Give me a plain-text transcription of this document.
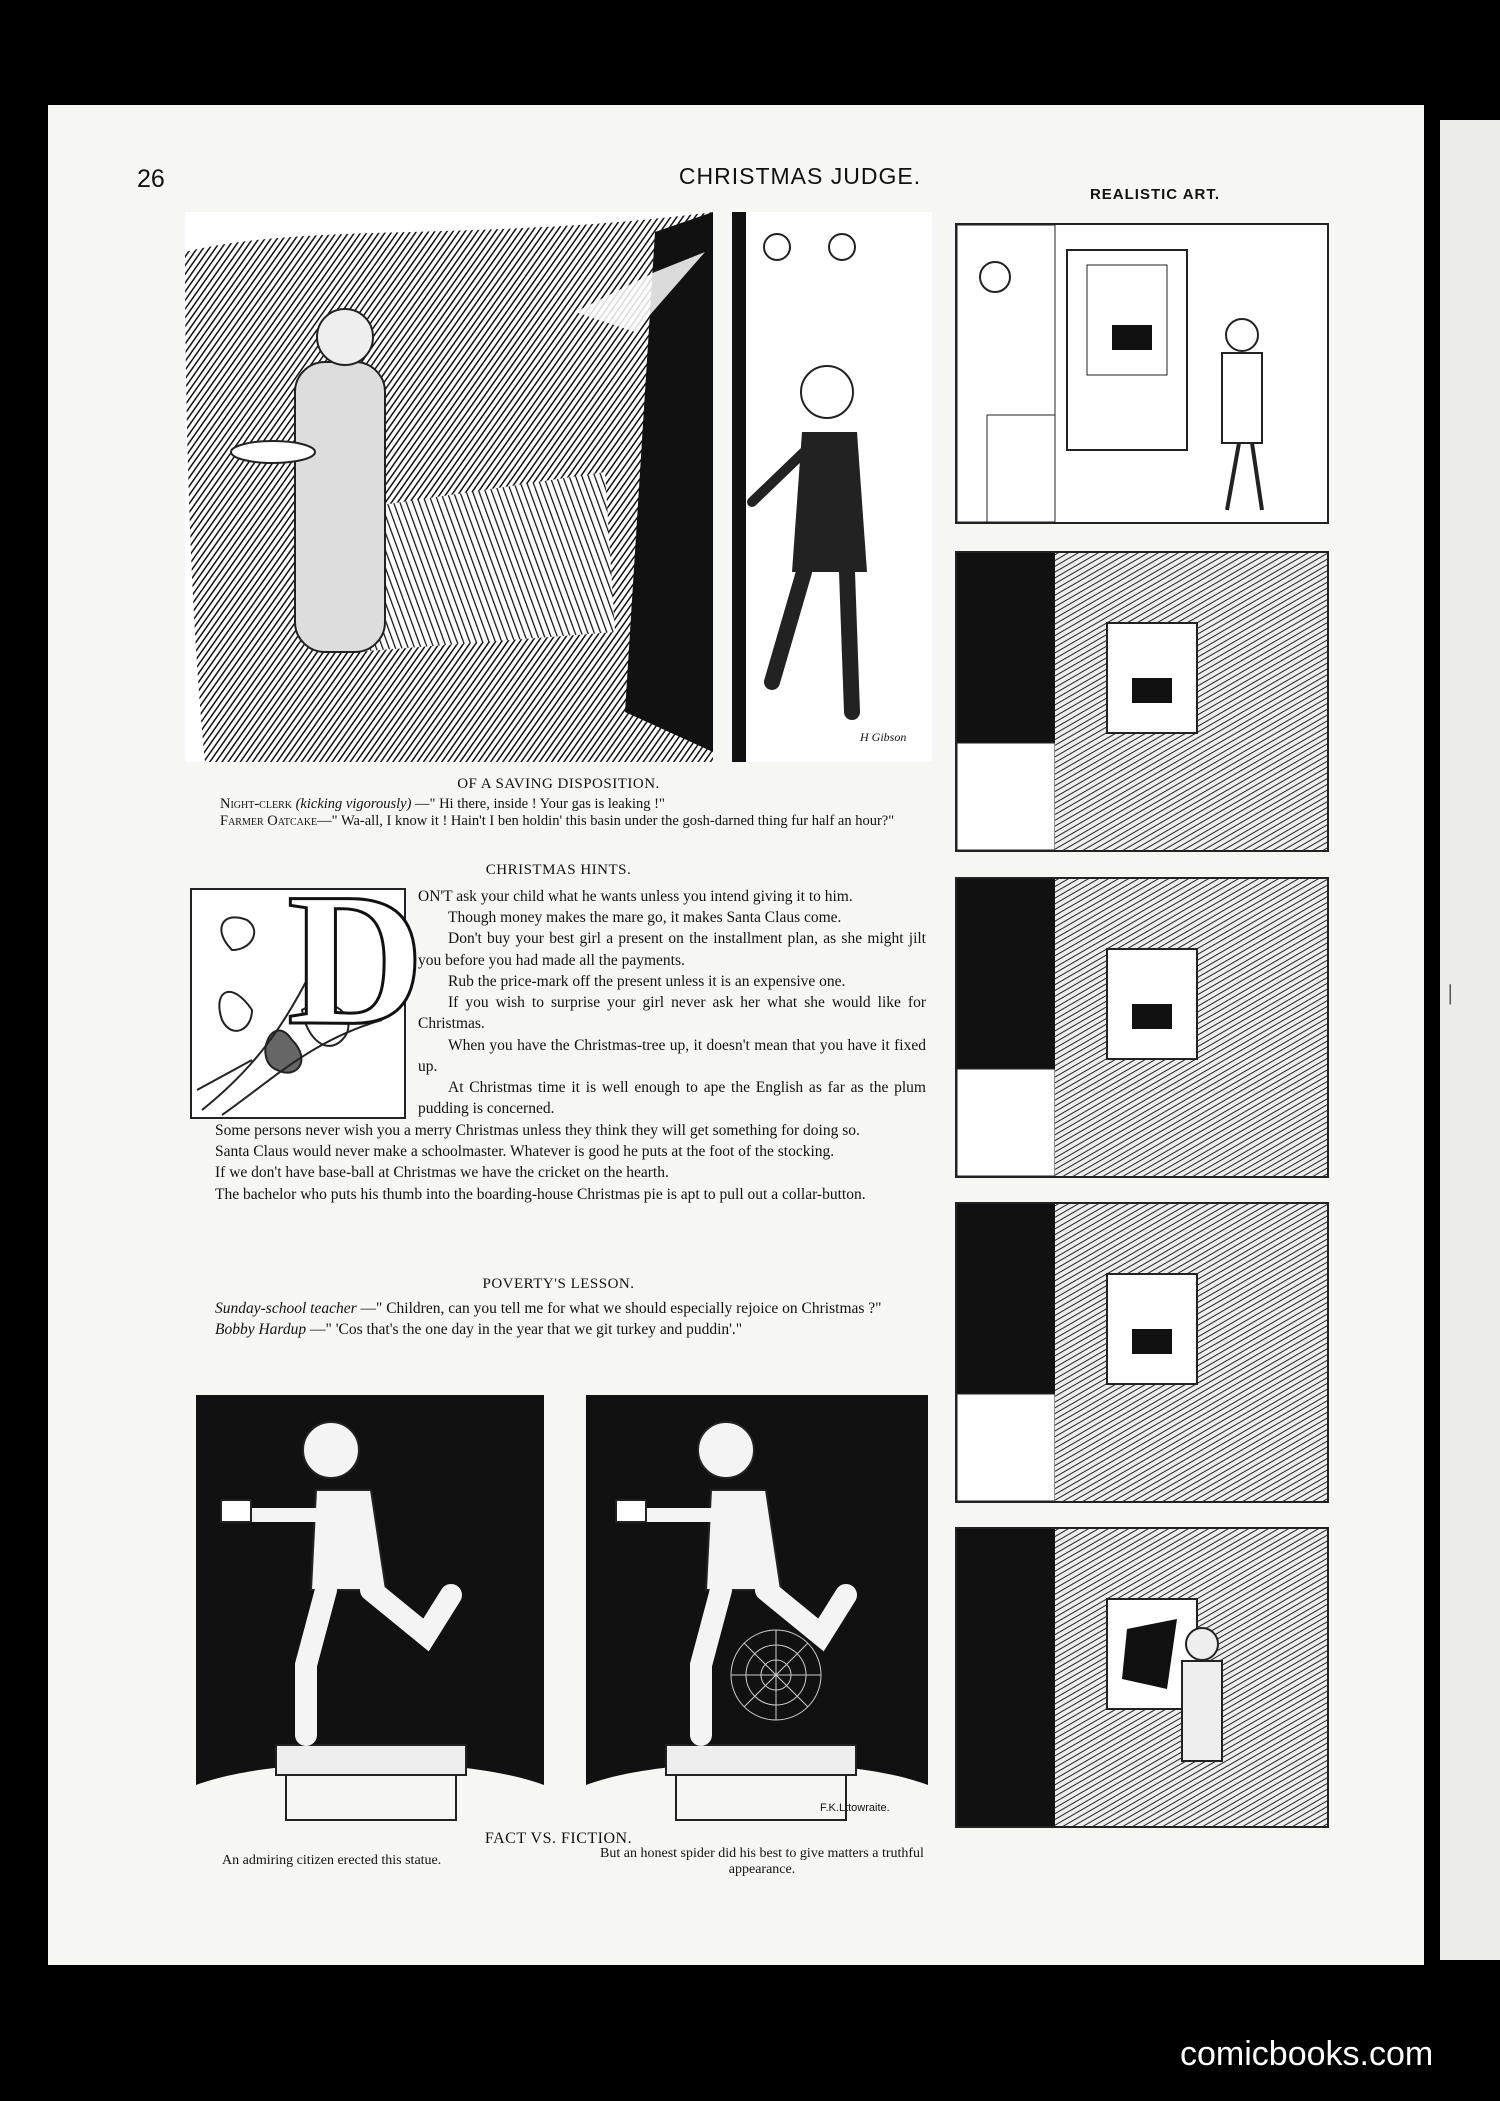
|
26	CHRISTMAS JUDGE.
REALISTIC ART.
H Gibson
OF A SAVING DISPOSITION.

Night-clerk (kicking vigorously) —" Hi there, inside ! Your gas is leaking !"

Farmer Oatcake—" Wa-all, I know it ! Hain't I ben holdin' this basin under the gosh-darned thing fur half an hour?"

CHRISTMAS HINTS.
D

ON'T ask your child what he wants unless you intend giving it to him.

Though money makes the mare go, it makes Santa Claus come.

Don't buy your best girl a present on the installment plan, as she might jilt you before you had made all the payments.

Rub the price-mark off the present unless it is an expensive one.

If you wish to surprise your girl never ask her what she would like for Christmas.

When you have the Christmas-tree up, it doesn't mean that you have it fixed up.

At Christmas time it is well enough to ape the English as far as the plum pudding is concerned.

Some persons never wish you a merry Christmas unless they think they will get something for doing so.

Santa Claus would never make a schoolmaster. Whatever is good he puts at the foot of the stocking.

If we don't have base-ball at Christmas we have the cricket on the hearth.

The bachelor who puts his thumb into the boarding-house Christmas pie is apt to pull out a collar-button.

POVERTY'S LESSON.

Sunday-school teacher —" Children, can you tell me for what we should especially rejoice on Christmas ?"

Bobby Hardup —" 'Cos that's the one day in the year that we git turkey and puddin'."

F.K.Lttowraite.
FACT VS. FICTION.
An admiring citizen erected this statue.	But an honest spider did his best to give matters a truthful appearance.
comicbooks.com
